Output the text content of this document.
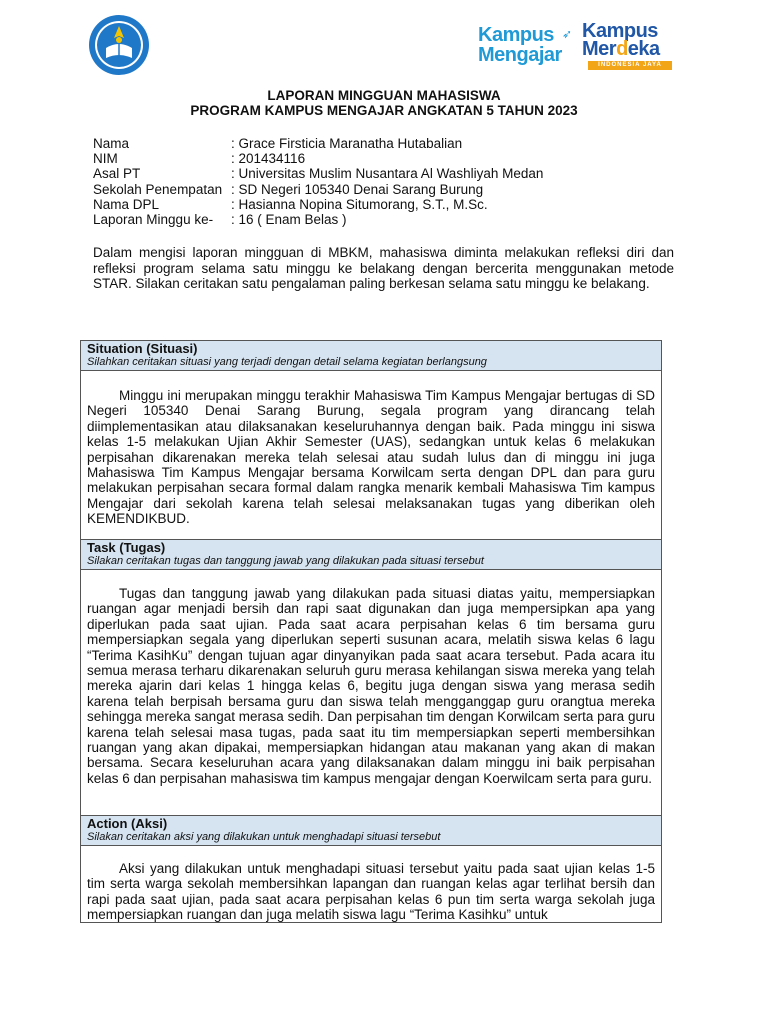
Kampus ➶
Mengajar
Kampus
Merdeka
INDONESIA JAYA
LAPORAN MINGGUAN MAHASISWA
PROGRAM KAMPUS MENGAJAR ANGKATAN 5 TAHUN 2023
Nama	: Grace Firsticia Maranatha Hutabalian
NIM	: 201434116
Asal PT	: Universitas Muslim Nusantara Al Washliyah Medan
Sekolah Penempatan : SD Negeri 105340 Denai Sarang Burung
Nama DPL	: Hasianna Nopina Situmorang, S.T., M.Sc.
Laporan Minggu ke-	: 16 ( Enam Belas )
Dalam mengisi laporan mingguan di MBKM, mahasiswa diminta melakukan refleksi diri dan refleksi program selama satu minggu ke belakang dengan bercerita menggunakan metode STAR. Silakan ceritakan satu pengalaman paling berkesan selama satu minggu ke belakang.
Situation (Situasi)
Silahkan ceritakan situasi yang terjadi dengan detail selama kegiatan berlangsung
Minggu ini merupakan minggu terakhir Mahasiswa Tim Kampus Mengajar bertugas di SD Negeri 105340 Denai Sarang Burung, segala program yang dirancang telah diimplementasikan atau dilaksanakan keseluruhannya dengan baik. Pada minggu ini siswa kelas 1-5 melakukan Ujian Akhir Semester (UAS), sedangkan untuk kelas 6 melakukan perpisahan dikarenakan mereka telah selesai atau sudah lulus dan di minggu ini juga Mahasiswa Tim Kampus Mengajar bersama Korwilcam serta dengan DPL dan para guru melakukan perpisahan secara formal dalam rangka menarik kembali Mahasiswa Tim kampus Mengajar dari sekolah karena telah selesai melaksanakan tugas yang diberikan oleh KEMENDIKBUD.
Task (Tugas)
Silakan ceritakan tugas dan tanggung jawab yang dilakukan pada situasi tersebut
Tugas dan tanggung jawab yang dilakukan pada situasi diatas yaitu, mempersiapkan ruangan agar menjadi bersih dan rapi saat digunakan dan juga mempersipkan apa yang diperlukan pada saat ujian. Pada saat acara perpisahan kelas 6 tim bersama guru mempersiapkan segala yang diperlukan seperti susunan acara, melatih siswa kelas 6 lagu “Terima KasihKu” dengan tujuan agar dinyanyikan pada saat acara tersebut. Pada acara itu semua merasa terharu dikarenakan seluruh guru merasa kehilangan siswa mereka yang telah mereka ajarin dari kelas 1 hingga kelas 6, begitu juga dengan siswa yang merasa sedih karena telah berpisah bersama guru dan siswa telah mengganggap guru orangtua mereka sehingga mereka sangat merasa sedih. Dan perpisahan tim dengan Korwilcam serta para guru karena telah selesai masa tugas, pada saat itu tim mempersiapkan seperti membersihkan ruangan yang akan dipakai, mempersiapkan hidangan atau makanan yang akan di makan bersama. Secara keseluruhan acara yang dilaksanakan dalam minggu ini baik perpisahan kelas 6 dan perpisahan mahasiswa tim kampus mengajar dengan Koerwilcam serta para guru.
Action (Aksi)
Silakan ceritakan aksi yang dilakukan untuk menghadapi situasi tersebut
Aksi yang dilakukan untuk menghadapi situasi tersebut yaitu pada saat ujian kelas 1-5 tim serta warga sekolah membersihkan lapangan dan ruangan kelas agar terlihat bersih dan rapi pada saat ujian, pada saat acara perpisahan kelas 6 pun tim serta warga sekolah juga mempersiapkan ruangan dan juga melatih siswa lagu “Terima Kasihku” untuk
